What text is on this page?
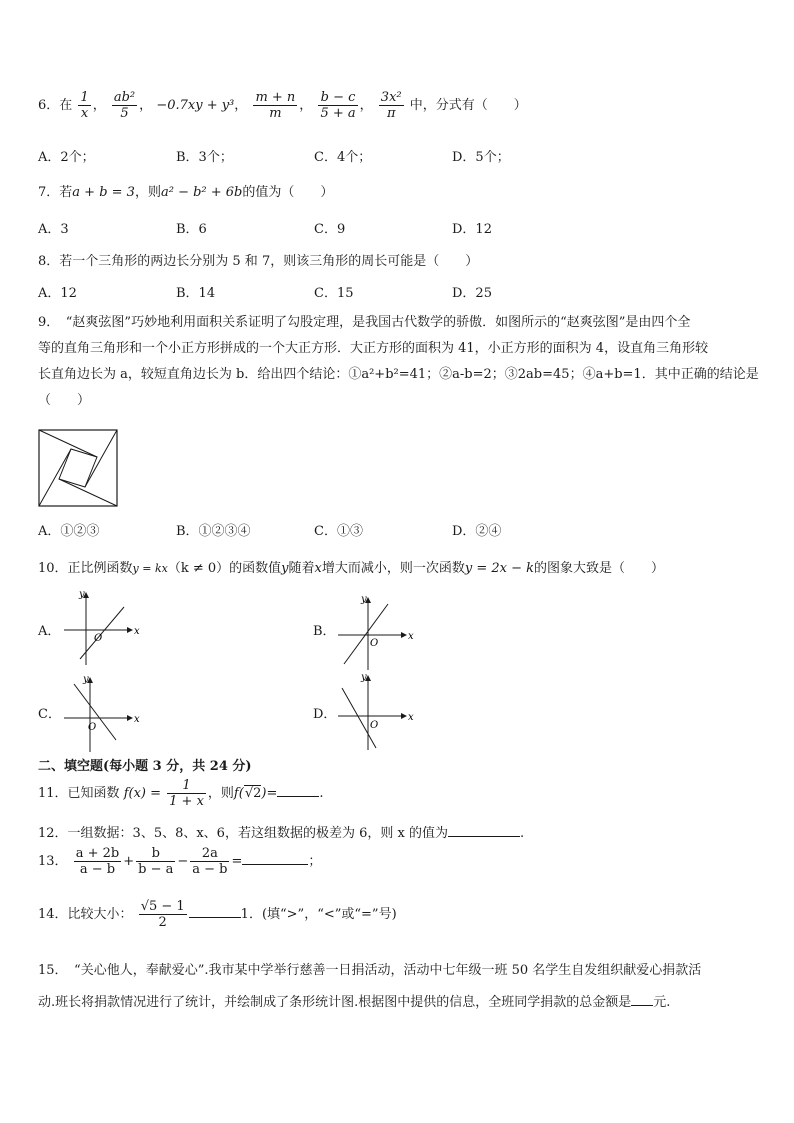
6．在 $\frac{1}{x}$ ， $\frac{\text{ab²}}{5}$ ， −0.7xy + y³， $\frac{m + n}{m}$ ， $\frac{b - c}{5 + a}$ ， $\frac{\text{3x²}}{\pi}$ 中，分式有（　　）
A．2个；	B．3个；	C．4个；	D．5个；
7．若a + b = 3，则a² − b² + 6b的值为（　　）
A．3	B．6	C．9	D．12
8．若一个三角形的两边长分别为 5 和 7，则该三角形的周长可能是（　　）
A．12	B．14	C．15	D．25
9．　“赵爽弦图”巧妙地利用面积关系证明了勾股定理，是我国古代数学的骄傲．如图所示的“赵爽弦图”是由四个全
等的直角三角形和一个小正方形拼成的一个大正方形．大正方形的面积为 41，小正方形的面积为 4，设直角三角形较
长直角边长为 a，较短直角边长为 b．给出四个结论：①a²+b²=41；②a-b=2；③2ab=45；④a+b=1．其中正确的结论是
（　　）
A．①②③	B．①②③④	C．①③	D．②④
10．正比例函数y = kx（k ≠ 0）的函数值y随着x增大而减小，则一次函数y = 2x − k的图象大致是（　　）
A．	B．
C．	D．
x
y
O	x
y
O
x
y
O
x
y
O
二、填空题(每小题 3 分，共 24 分)
11．已知函数 $f(x) = \frac{1}{1 + x}$ ，则f(√2)=	.
12．一组数据：3、5、8、x、6，若这组数据的极差为 6，则 x 的值为	.
13． $\frac{a + 2b}{a - b} + \frac{b}{b - a} - \frac{2a}{a - b}$ =	；
14．比较大小： $\frac{√5 - 1}{2}$	1．(填“>”，“<”或“=”号)
15．　“关心他人，奉献爱心”.我市某中学举行慈善一日捐活动，活动中七年级一班 50 名学生自发组织献爱心捐款活
动.班长将捐款情况进行了统计，并绘制成了条形统计图.根据图中提供的信息，全班同学捐款的总金额是 元.
